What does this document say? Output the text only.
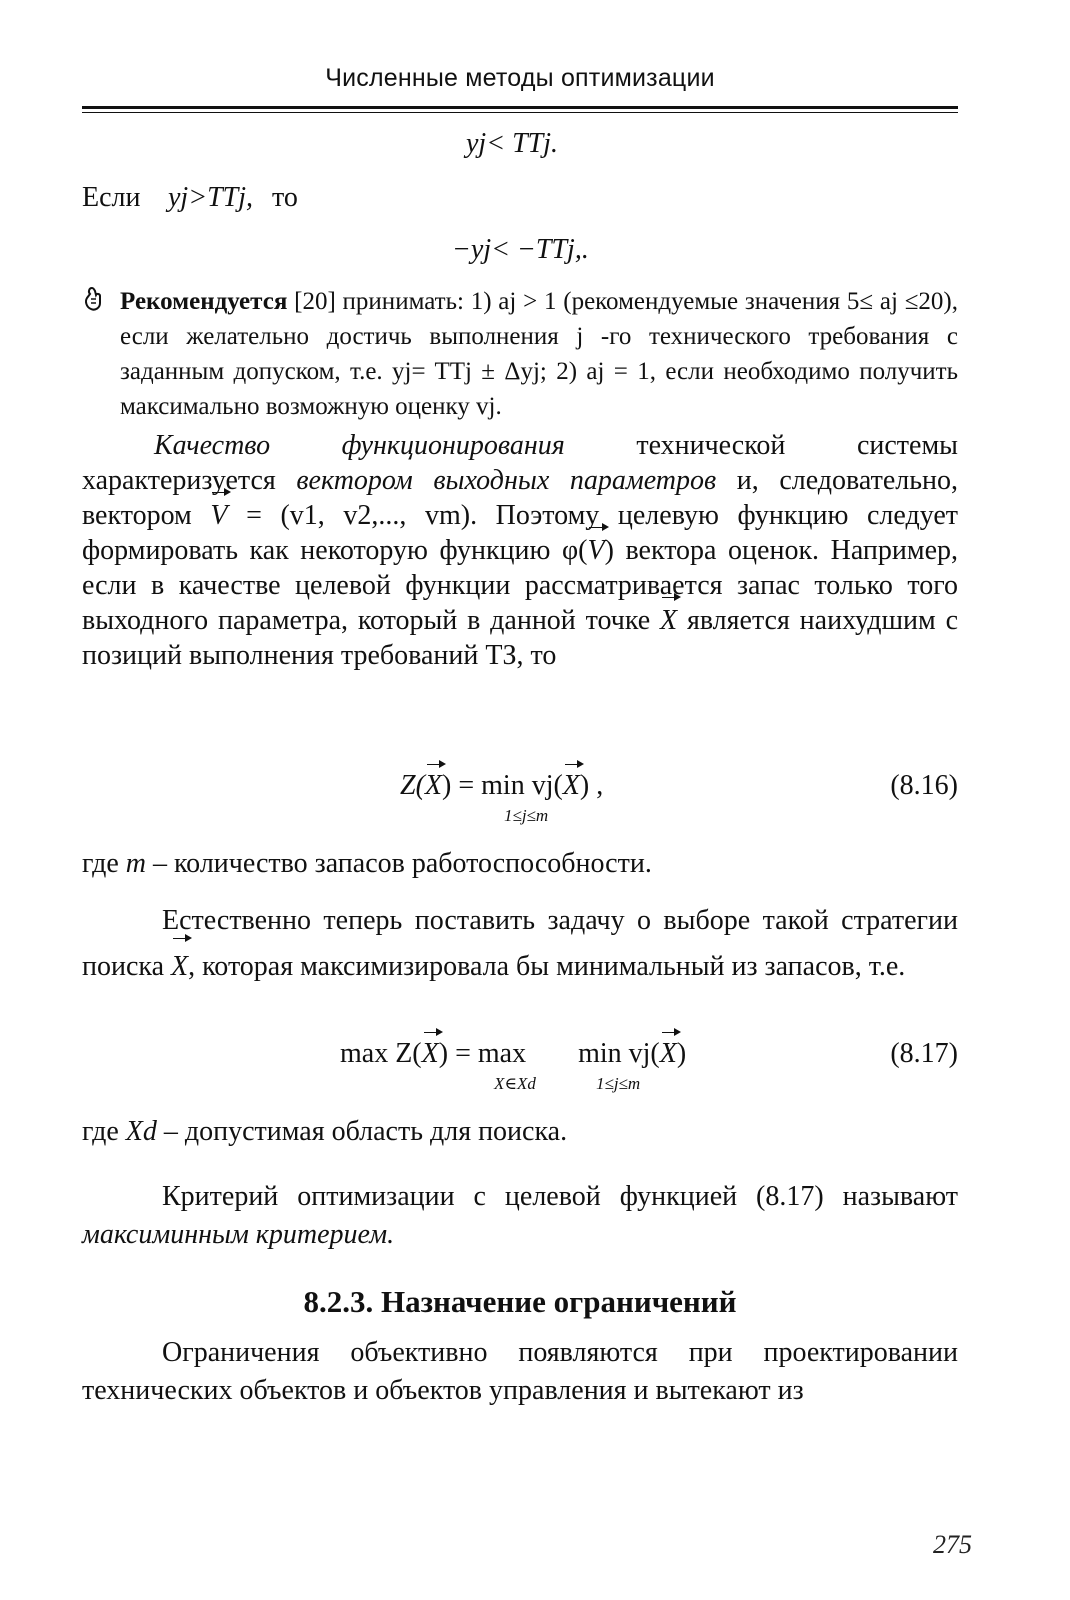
Численные методы оптимизации
yj< TTj.
Если yj>TTj, то
−yj< −TTj,.
Рекомендуется [20] принимать: 1) aj > 1 (рекомендуемые значения 5≤ aj ≤20), если желательно достичь выполнения j -го технического требования с заданным допуском, т.е. yj= TTj ± Δyj; 2) aj = 1, если необходимо получить максимально возможную оценку vj.
Качество функционирования технической системы характеризуется вектором выходных параметров и, следовательно, вектором V = (v1, v2,..., vm). Поэтому целевую функцию следует формировать как некоторую функцию φ(V) вектора оценок. Например, если в качестве целевой функции рассматривается запас только того выходного параметра, который в данной точке X является наихудшим с позиций выполнения требований ТЗ, то
Z(X) = min vj(X) ,
1≤j≤m
(8.16)
где m – количество запасов работоспособности.
Естественно теперь поставить задачу о выборе такой стратегии поиска X, которая максимизировала бы минимальный из запасов, т.е.
max Z(X) = max min vj(X)
X∈Xd	1≤j≤m
(8.17)
где Xd – допустимая область для поиска.
Критерий оптимизации с целевой функцией (8.17) называют максиминным критерием.
8.2.3. Назначение ограничений
Ограничения объективно появляются при проектировании технических объектов и объектов управления и вытекают из
275
